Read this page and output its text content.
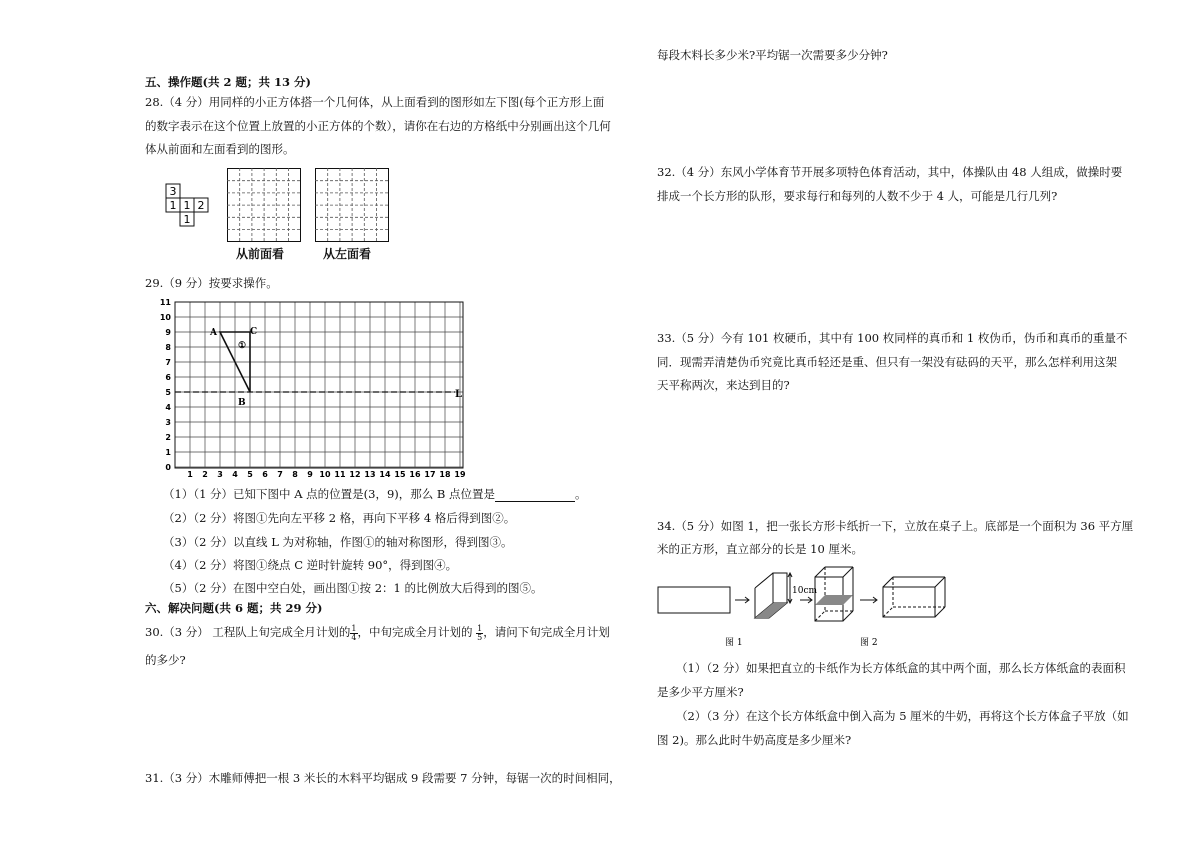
五、操作题(共 2 题；共 13 分)
28.（4 分）用同样的小正方体搭一个几何体，从上面看到的图形如左下图(每个正方形上面
的数字表示在这个位置上放置的小正方体的个数），请你在右边的方格纸中分别画出这个几何
体从前面和左面看到的图形。
3
1 1 2
1
从前面看	从左面看
29.（9 分）按要求操作。
0
1
2
3
4
5
6
7
8
9
10
11
1 2 3 4 5 6 7 8 9 10 11 12 13 14 15 16 17 18 19
A	C
B
①
L
（1）（1 分）已知下图中 A 点的位置是(3，9)，那么 B 点位置是	。
（2）（2 分）将图①先向左平移 2 格，再向下平移 4 格后得到图②。
（3）（2 分）以直线 L 为对称轴，作图①的轴对称图形，得到图③。
（4）（2 分）将图①绕点 C 逆时针旋转 90°，得到图④。
（5）（2 分）在图中空白处，画出图①按 2：1 的比例放大后得到的图⑤。
六、解决问题(共 6 题；共 29 分)
30.（3 分） 工程队上旬完成全月计划的 $\frac{1}{4}$ ，中旬完成全月计划的 $\frac{1}{5}$ ，请问下旬完成全月计划
的多少?
31.（3 分）木雕师傅把一根 3 米长的木料平均锯成 9 段需要 7 分钟，每锯一次的时间相同，
每段木料长多少米?平均锯一次需要多少分钟?
32.（4 分）东风小学体育节开展多项特色体育活动，其中，体操队由 48 人组成，做操时要
排成一个长方形的队形，要求每行和每列的人数不少于 4 人，可能是几行几列?
33.（5 分）今有 101 枚硬币，其中有 100 枚同样的真币和 1 枚伪币，伪币和真币的重量不
同．现需弄清楚伪币究竟比真币轻还是重、但只有一架没有砝码的天平，那么怎样利用这架
天平称两次，来达到目的?
34.（5 分）如图 1，把一张长方形卡纸折一下，立放在桌子上。底部是一个面积为 36 平方厘
米的正方形，直立部分的长是 10 厘米。
10cm
图 1	图 2
（1）（2 分）如果把直立的卡纸作为长方体纸盒的其中两个面，那么长方体纸盒的表面积
是多少平方厘米?
（2）（3 分）在这个长方体纸盒中倒入高为 5 厘米的牛奶，再将这个长方体盒子平放（如
图 2)。那么此时牛奶高度是多少厘米?
